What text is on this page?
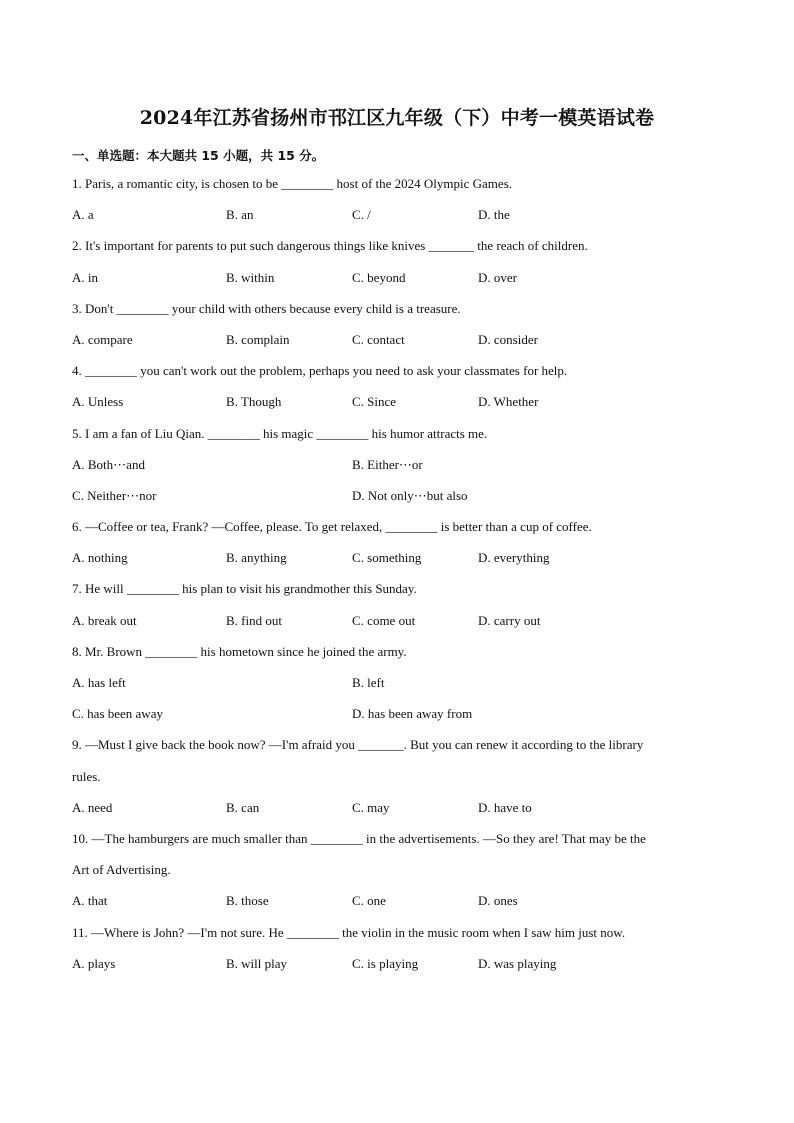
2024年江苏省扬州市邗江区九年级（下）中考一模英语试卷
一、单选题：本大题共 15 小题，共 15 分。
1. Paris, a romantic city, is chosen to be ________ host of the 2024 Olympic Games.
A. a	B. an	C. /	D. the
2. It's important for parents to put such dangerous things like knives _______ the reach of children.
A. in	B. within	C. beyond	D. over
3. Don't ________ your child with others because every child is a treasure.
A. compare	B. complain	C. contact	D. consider
4. ________ you can't work out the problem, perhaps you need to ask your classmates for help.
A. Unless	B. Though	C. Since	D. Whether
5. I am a fan of Liu Qian. ________ his magic ________ his humor attracts me.
A. Both⋯and	B. Either⋯or
C. Neither⋯nor	D. Not only⋯but also
6. —Coffee or tea, Frank? —Coffee, please. To get relaxed, ________ is better than a cup of coffee.
A. nothing	B. anything	C. something	D. everything
7. He will ________ his plan to visit his grandmother this Sunday.
A. break out	B. find out	C. come out	D. carry out
8. Mr. Brown ________ his hometown since he joined the army.
A. has left	B. left
C. has been away	D. has been away from
9. —Must I give back the book now? —I'm afraid you _______. But you can renew it according to the library
rules.
A. need	B. can	C. may	D. have to
10. —The hamburgers are much smaller than ________ in the advertisements. —So they are! That may be the
Art of Advertising.
A. that	B. those	C. one	D. ones
11. —Where is John? —I'm not sure. He ________ the violin in the music room when I saw him just now.
A. plays	B. will play	C. is playing	D. was playing
